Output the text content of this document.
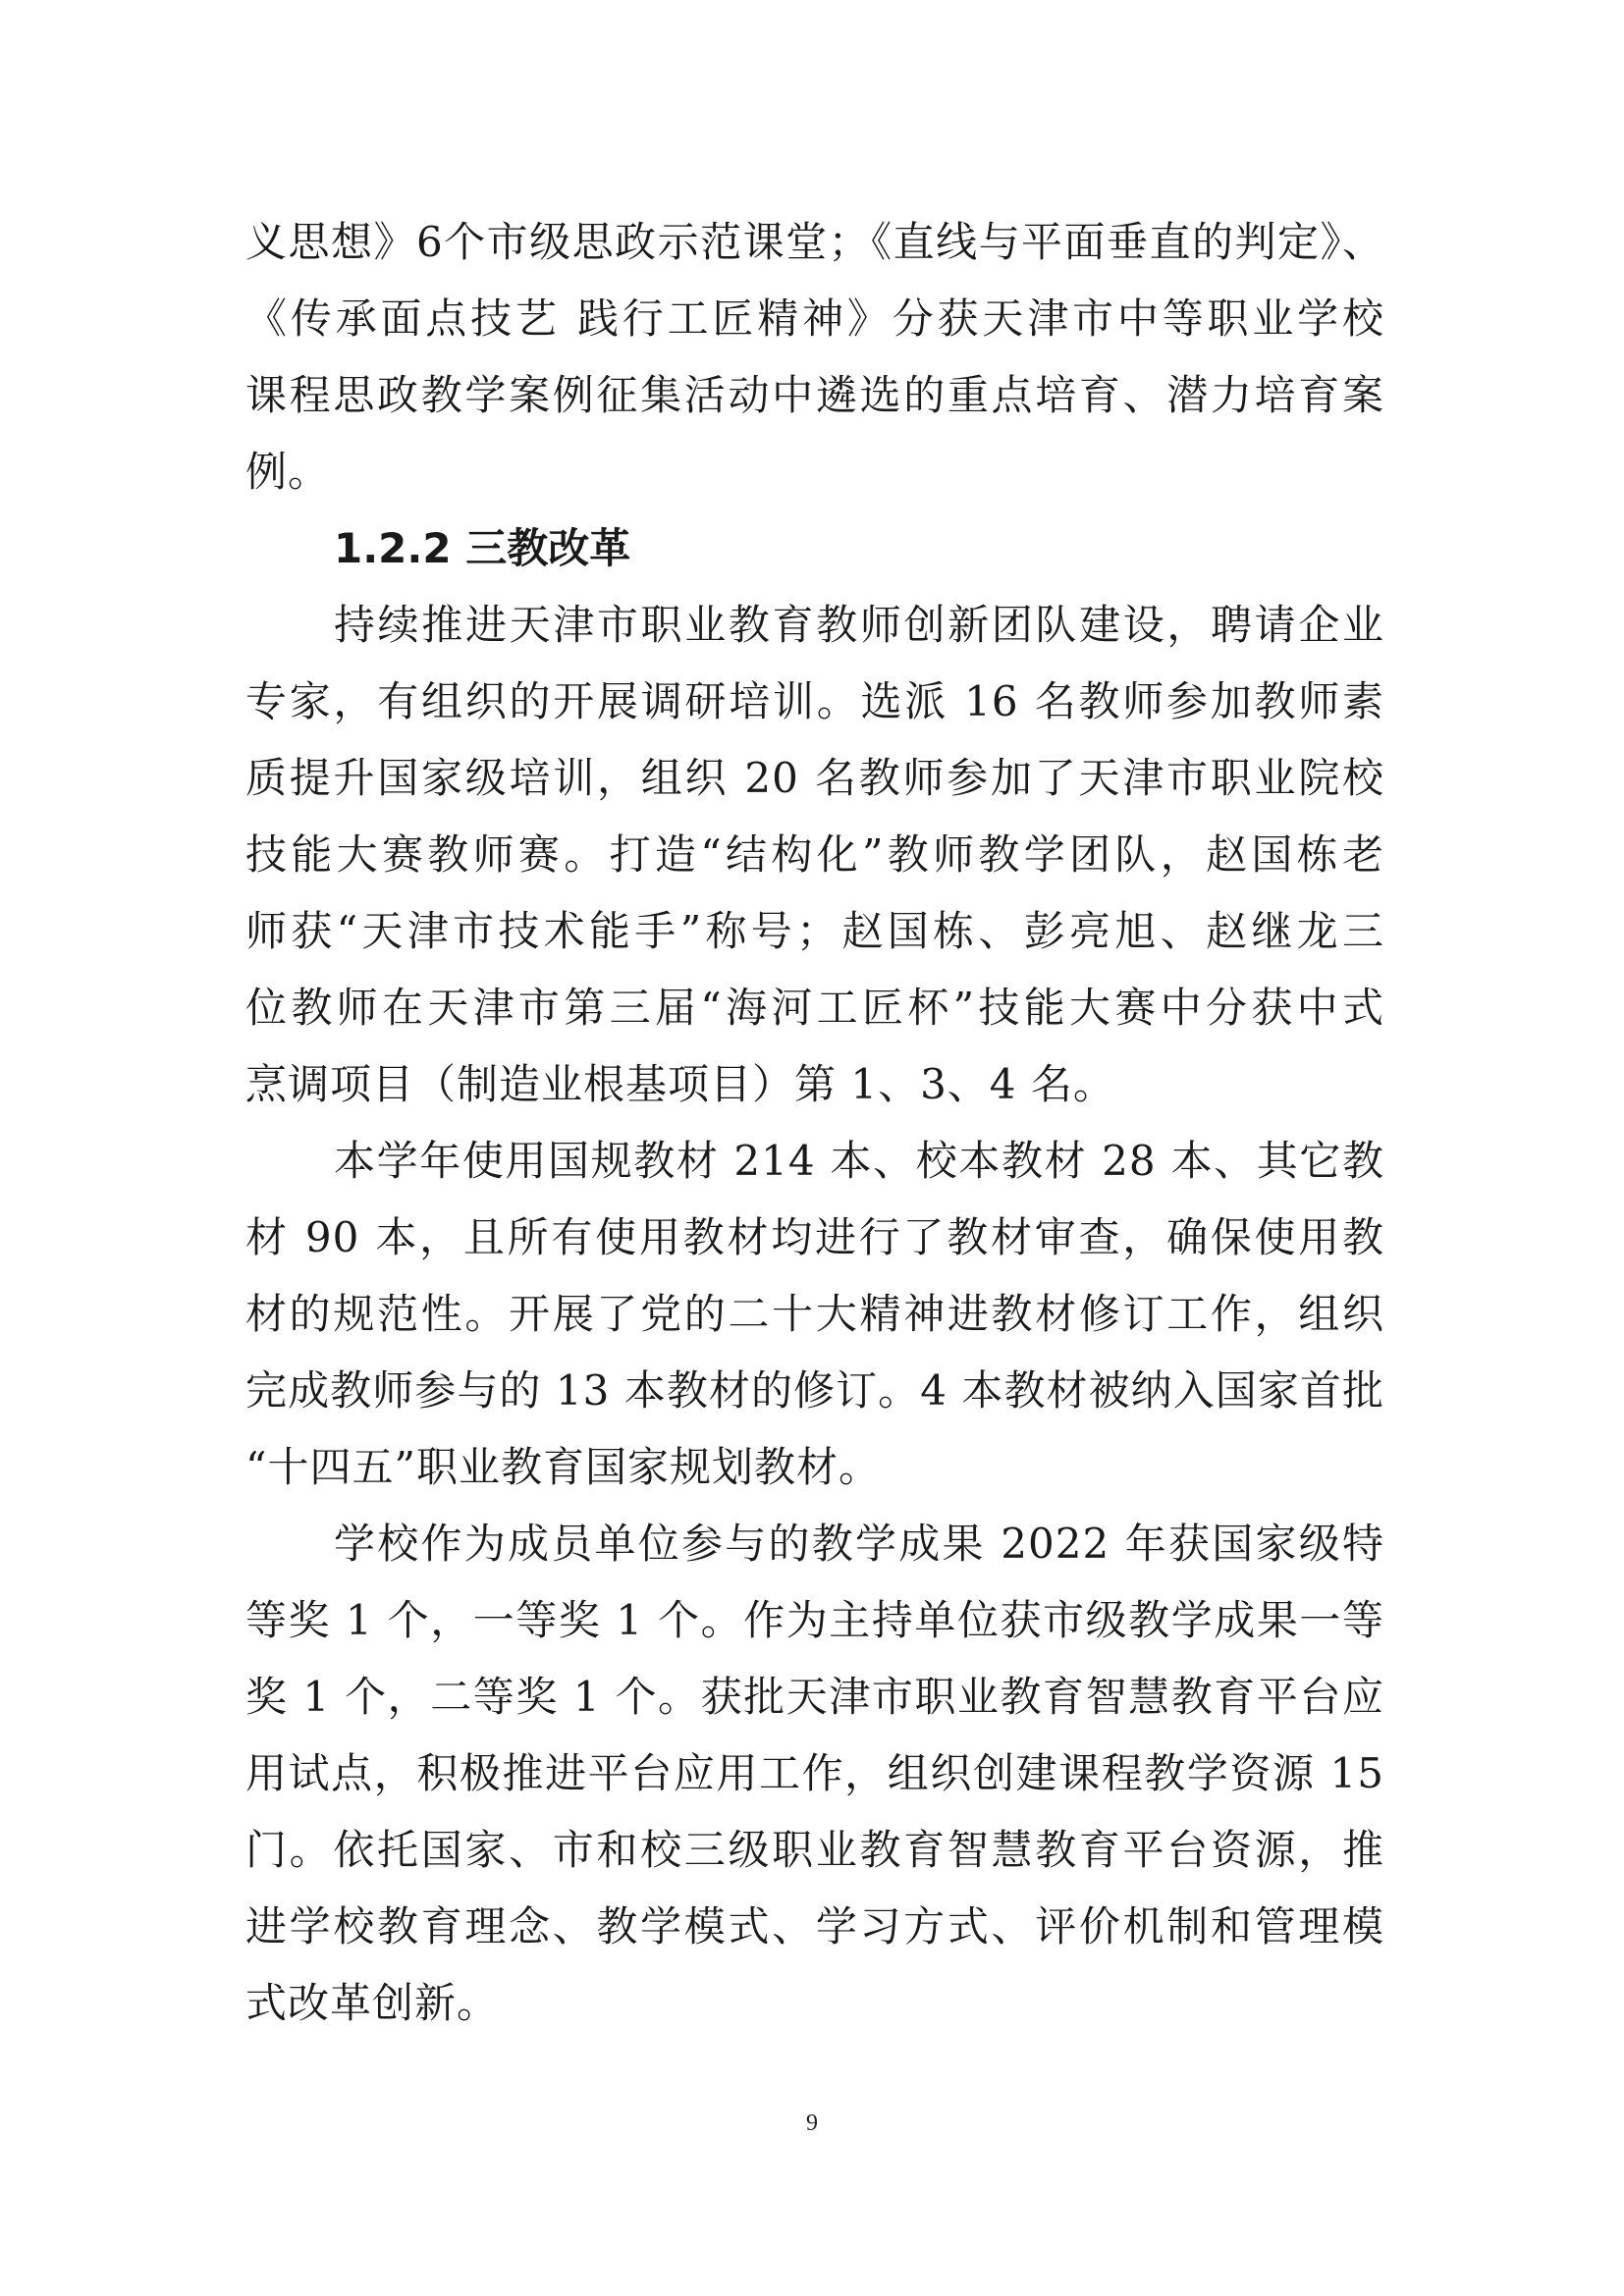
义思想》6个市级思政示范课堂；《直线与平面垂直的判定》、
《传承面点技艺 践行工匠精神》分获天津市中等职业学校
课程思政教学案例征集活动中遴选的重点培育、潜力培育案
例。
1.2.2 三教改革
持续推进天津市职业教育教师创新团队建设，聘请企业
专家，有组织的开展调研培训。选派 16 名教师参加教师素
质提升国家级培训，组织 20 名教师参加了天津市职业院校
技能大赛教师赛。打造“结构化”教师教学团队，赵国栋老
师获“天津市技术能手”称号；赵国栋、彭亮旭、赵继龙三
位教师在天津市第三届“海河工匠杯”技能大赛中分获中式
烹调项目（制造业根基项目）第 1、3、4 名。
本学年使用国规教材 214 本、校本教材 28 本、其它教
材 90 本，且所有使用教材均进行了教材审查，确保使用教
材的规范性。开展了党的二十大精神进教材修订工作，组织
完成教师参与的 13 本教材的修订。4 本教材被纳入国家首批
“十四五”职业教育国家规划教材。
学校作为成员单位参与的教学成果 2022 年获国家级特
等奖 1 个，一等奖 1 个。作为主持单位获市级教学成果一等
奖 1 个，二等奖 1 个。获批天津市职业教育智慧教育平台应
用试点，积极推进平台应用工作，组织创建课程教学资源 15
门。依托国家、市和校三级职业教育智慧教育平台资源，推
进学校教育理念、教学模式、学习方式、评价机制和管理模
式改革创新。
9
